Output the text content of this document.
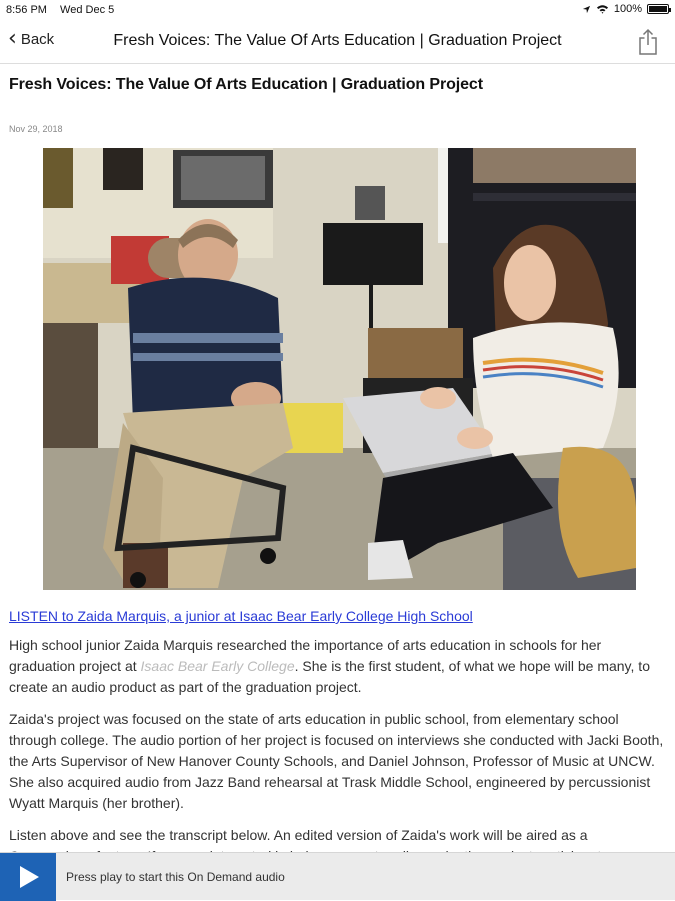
8:56 PM Wed Dec 5	100%
‹ Back	Fresh Voices: The Value Of Arts Education | Graduation Project
Fresh Voices: The Value Of Arts Education | Graduation Project
Nov 29, 2018
LISTEN to Zaida Marquis, a junior at Isaac Bear Early College High School

High school junior Zaida Marquis researched the importance of arts education in schools for her graduation project at Isaac Bear Early College. She is the first student, of what we hope will be many, to create an audio product as part of the graduation project.

Zaida's project was focused on the state of arts education in public school, from elementary school through college. The audio portion of her project is focused on interviews she conducted with Jacki Booth, the Arts Supervisor of New Hanover County Schools, and Daniel Johnson, Professor of Music at UNCW. She also acquired audio from Jazz Band rehearsal at Trask Middle School, engineered by percussionist Wyatt Marquis (her brother).

Listen above and see the transcript below. An edited version of Zaida's work will be aired as a

Press play to start this On Demand audio
